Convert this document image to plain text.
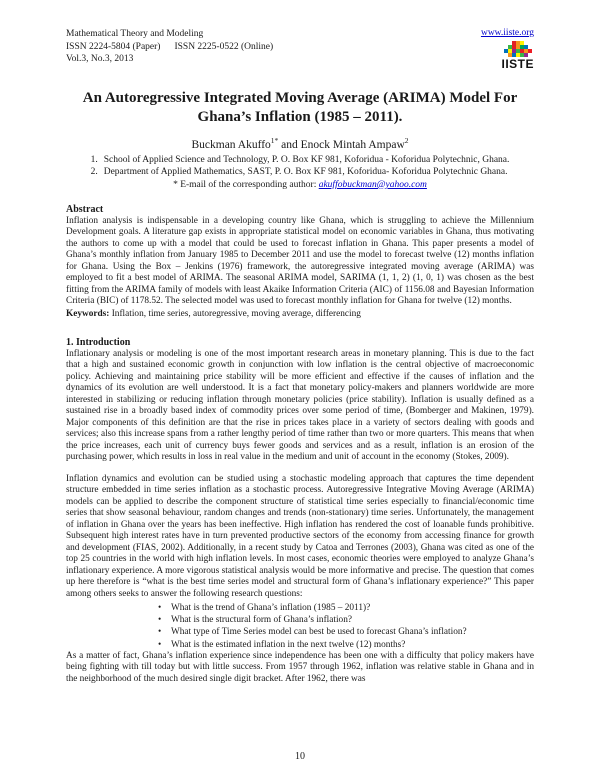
Mathematical Theory and Modeling
ISSN 2224-5804 (Paper) ISSN 2225-0522 (Online)
Vol.3, No.3, 2013
www.iiste.org
IISTE
An Autoregressive Integrated Moving Average (ARIMA) Model For Ghana’s Inflation (1985 – 2011).
Buckman Akuffo$^{1*}$ and Enock Mintah Ampaw$^2$
1. School of Applied Science and Technology, P. O. Box KF 981, Koforidua - Koforidua Polytechnic, Ghana.
2. Department of Applied Mathematics, SAST, P. O. Box KF 981, Koforidua- Koforidua Polytechnic Ghana.
* E-mail of the corresponding author: akuffobuckman@yahoo.com
Abstract

Inflation analysis is indispensable in a developing country like Ghana, which is struggling to achieve the Millennium Development goals. A literature gap exists in appropriate statistical model on economic variables in Ghana, thus motivating the authors to come up with a model that could be used to forecast inflation in Ghana. This paper presents a model of Ghana’s monthly inflation from January 1985 to December 2011 and use the model to forecast twelve (12) months inflation for Ghana. Using the Box – Jenkins (1976) framework, the autoregressive integrated moving average (ARIMA) was employed to fit a best model of ARIMA. The seasonal ARIMA model, SARIMA (1, 1, 2) (1, 0, 1) was chosen as the best fitting from the ARIMA family of models with least Akaike Information Criteria (AIC) of 1156.08 and Bayesian Information Criteria (BIC) of 1178.52. The selected model was used to forecast monthly inflation for Ghana for twelve (12) months.

Keywords: Inflation, time series, autoregressive, moving average, differencing

1. Introduction

Inflationary analysis or modeling is one of the most important research areas in monetary planning. This is due to the fact that a high and sustained economic growth in conjunction with low inflation is the central objective of macroeconomic policy. Achieving and maintaining price stability will be more efficient and effective if the causes of inflation and the dynamics of its evolution are well understood. It is a fact that monetary policy-makers and planners worldwide are more interested in stabilizing or reducing inflation through monetary policies (price stability). Inflation is usually defined as a sustained rise in a broadly based index of commodity prices over some period of time, (Bomberger and Makinen, 1979). Major components of this definition are that the rise in prices takes place in a variety of sectors dealing with goods and services; also this increase spans from a rather lengthy period of time rather than two or more quarters. This means that when the price increases, each unit of currency buys fewer goods and services and as a result, inflation is an erosion of the purchasing power, which results in loss in real value in the medium and unit of account in the economy (Stokes, 2009).

Inflation dynamics and evolution can be studied using a stochastic modeling approach that captures the time dependent structure embedded in time series inflation as a stochastic process. Autoregressive Integrative Moving Average (ARIMA) models can be applied to describe the component structure of statistical time series especially to financial/economic time series that show seasonal behaviour, random changes and trends (non-stationary) time series. Unfortunately, the management of inflation in Ghana over the years has been ineffective. High inflation has rendered the cost of loanable funds prohibitive. Subsequent high interest rates have in turn prevented productive sectors of the economy from accessing finance for growth and development (FIAS, 2002). Additionally, in a recent study by Catoa and Terrones (2003), Ghana was cited as one of the top 25 countries in the world with high inflation levels. In most cases, economic theories were employed to analyze Ghana’s inflationary experience. A more vigorous statistical analysis would be more informative and precise. The question that comes up here therefore is “what is the best time series model and structural form of Ghana’s inflationary experience?” This paper among others seeks to answer the following research questions:

• What is the trend of Ghana’s inflation (1985 – 2011)?
• What is the structural form of Ghana’s inflation?
• What type of Time Series model can best be used to forecast Ghana’s inflation?
• What is the estimated inflation in the next twelve (12) months?

As a matter of fact, Ghana’s inflation experience since independence has been one with a difficulty that policy makers have being fighting with till today but with little success. From 1957 through 1962, inflation was relative stable in Ghana and in the neighborhood of the much desired single digit bracket. After 1962, there was

10
